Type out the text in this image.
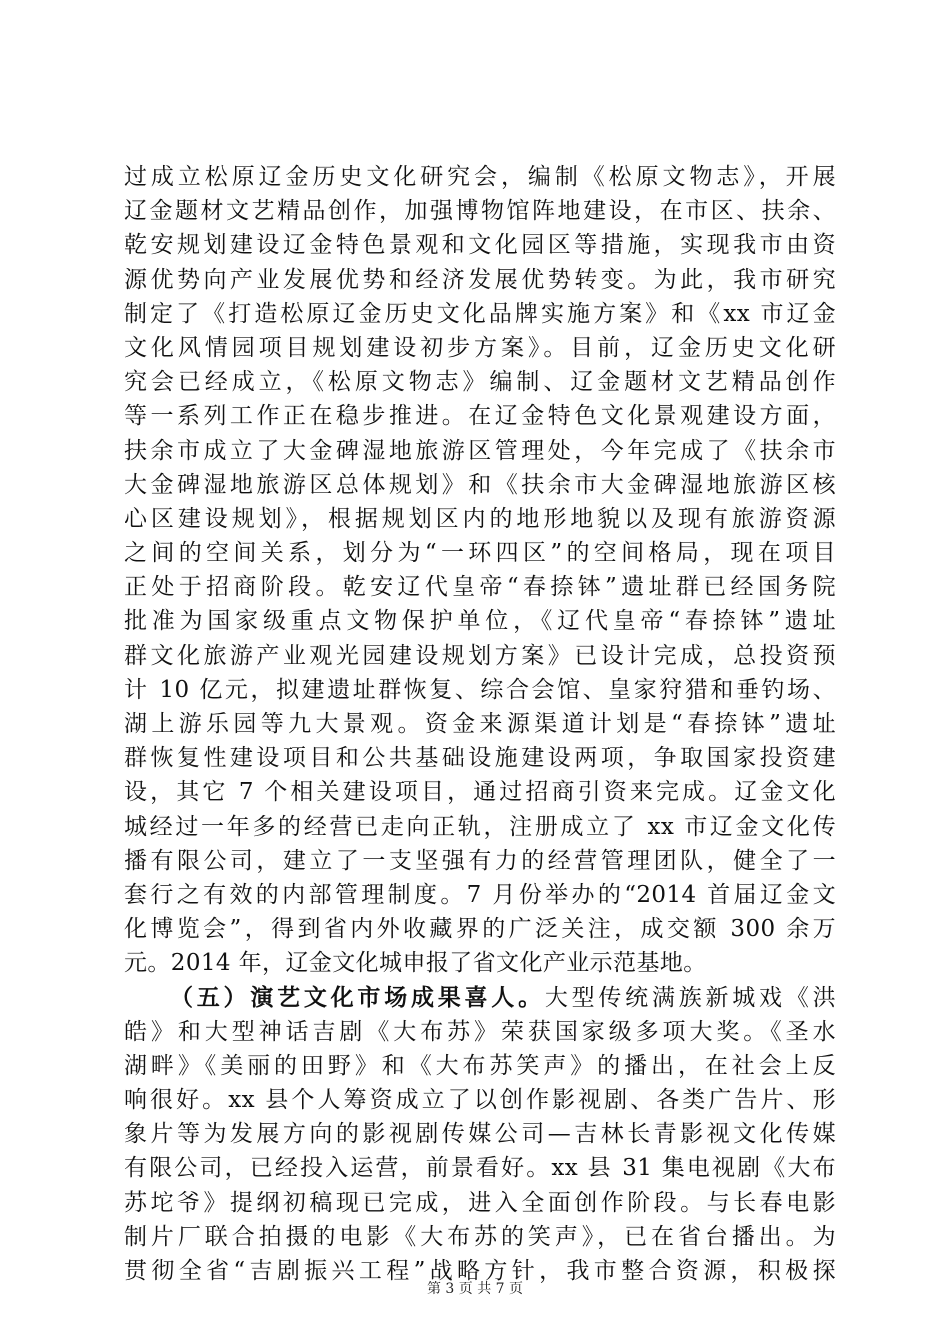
过成立松原辽金历史文化研究会，编制《松原文物志》，开展
辽金题材文艺精品创作，加强博物馆阵地建设，在市区、扶余、
乾安规划建设辽金特色景观和文化园区等措施，实现我市由资
源优势向产业发展优势和经济发展优势转变。为此，我市研究
制定了《打造松原辽金历史文化品牌实施方案》和《xx 市辽金
文化风情园项目规划建设初步方案》。目前，辽金历史文化研
究会已经成立，《松原文物志》编制、辽金题材文艺精品创作
等一系列工作正在稳步推进。在辽金特色文化景观建设方面，
扶余市成立了大金碑湿地旅游区管理处，今年完成了《扶余市
大金碑湿地旅游区总体规划》和《扶余市大金碑湿地旅游区核
心区建设规划》，根据规划区内的地形地貌以及现有旅游资源
之间的空间关系，划分为“一环四区”的空间格局，现在项目
正处于招商阶段。乾安辽代皇帝“春捺钵”遗址群已经国务院
批准为国家级重点文物保护单位，《辽代皇帝“春捺钵”遗址
群文化旅游产业观光园建设规划方案》已设计完成，总投资预
计 10 亿元，拟建遗址群恢复、综合会馆、皇家狩猎和垂钓场、
湖上游乐园等九大景观。资金来源渠道计划是“春捺钵”遗址
群恢复性建设项目和公共基础设施建设两项，争取国家投资建
设，其它 7 个相关建设项目，通过招商引资来完成。辽金文化
城经过一年多的经营已走向正轨，注册成立了 xx 市辽金文化传
播有限公司，建立了一支坚强有力的经营管理团队，健全了一
套行之有效的内部管理制度。7 月份举办的“2014 首届辽金文
化博览会”，得到省内外收藏界的广泛关注，成交额 300 余万
元。2014 年，辽金文化城申报了省文化产业示范基地。
（五）演艺文化市场成果喜人。大型传统满族新城戏《洪
皓》和大型神话吉剧《大布苏》荣获国家级多项大奖。《圣水
湖畔》《美丽的田野》和《大布苏笑声》的播出，在社会上反
响很好。xx 县个人筹资成立了以创作影视剧、各类广告片、形
象片等为发展方向的影视剧传媒公司—吉林长青影视文化传媒
有限公司，已经投入运营，前景看好。xx 县 31 集电视剧《大布
苏坨爷》提纲初稿现已完成，进入全面创作阶段。与长春电影
制片厂联合拍摄的电影《大布苏的笑声》，已在省台播出。为
贯彻全省“吉剧振兴工程”战略方针，我市整合资源，积极探
第 3 页 共 7 页
